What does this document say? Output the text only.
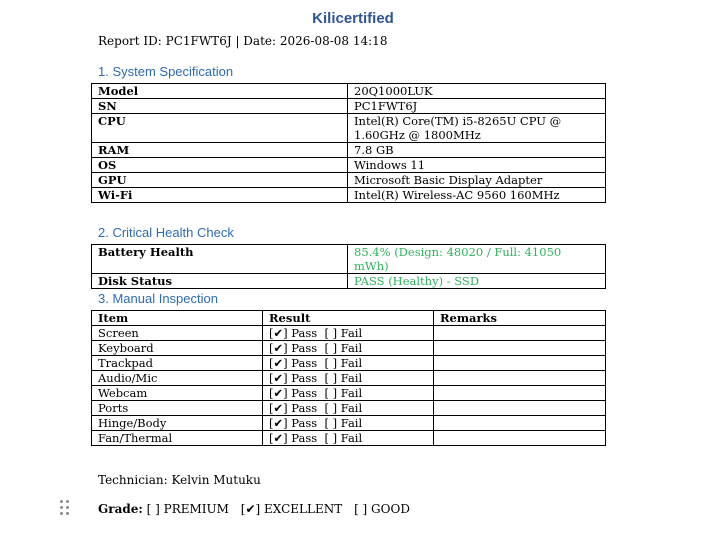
Kilicertified
Report ID: PC1FWT6J | Date: 2026-08-08 14:18
1. System Specification
Model	20Q1000LUK
SN	PC1FWT6J
CPU	Intel(R) Core(TM) i5-8265U CPU @ 1.60GHz @ 1800MHz
RAM	7.8 GB
OS	Windows 11
GPU	Microsoft Basic Display Adapter
Wi-Fi	Intel(R) Wireless-AC 9560 160MHz
2. Critical Health Check
Battery Health	85.4% (Design: 48020 / Full: 41050 mWh)
Disk Status	PASS (Healthy) - SSD
3. Manual Inspection
Item	Result	Remarks
Screen	[✔] Pass  [ ] Fail	
Keyboard	[✔] Pass  [ ] Fail	
Trackpad	[✔] Pass  [ ] Fail	
Audio/Mic	[✔] Pass  [ ] Fail	
Webcam	[✔] Pass  [ ] Fail	
Ports	[✔] Pass  [ ] Fail	
Hinge/Body	[✔] Pass  [ ] Fail	
Fan/Thermal	[✔] Pass  [ ] Fail	
Technician: Kelvin Mutuku
Grade: [ ] PREMIUM [✔] EXCELLENT [ ] GOOD
